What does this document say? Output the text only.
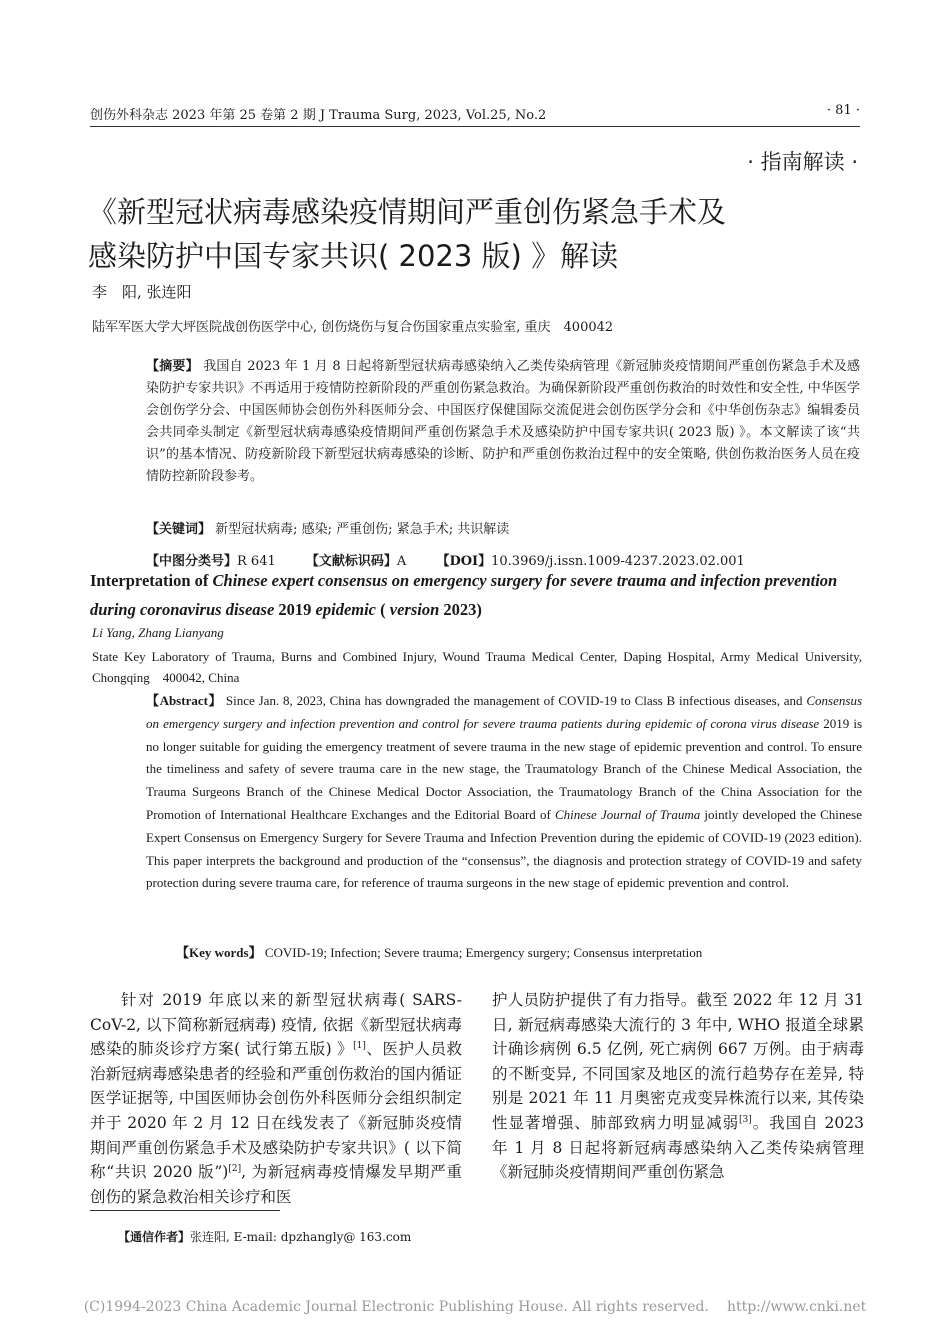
创伤外科杂志 2023 年第 25 卷第 2 期 J Trauma Surg, 2023, Vol.25, No.2	· 81 ·
· 指南解读 ·
《新型冠状病毒感染疫情期间严重创伤紧急手术及
感染防护中国专家共识( 2023 版) 》解读
李　阳, 张连阳
陆军军医大学大坪医院战创伤医学中心, 创伤烧伤与复合伤国家重点实验室, 重庆　400042
【摘要】 我国自 2023 年 1 月 8 日起将新型冠状病毒感染纳入乙类传染病管理《新冠肺炎疫情期间严重创伤紧急手术及感染防护专家共识》不再适用于疫情防控新阶段的严重创伤紧急救治。为确保新阶段严重创伤救治的时效性和安全性, 中华医学会创伤学分会、中国医师协会创伤外科医师分会、中国医疗保健国际交流促进会创伤医学分会和《中华创伤杂志》编辑委员会共同牵头制定《新型冠状病毒感染疫情期间严重创伤紧急手术及感染防护中国专家共识( 2023 版) 》。本文解读了该“共识”的基本情况、防疫新阶段下新型冠状病毒感染的诊断、防护和严重创伤救治过程中的安全策略, 供创伤救治医务人员在疫情防控新阶段参考。
【关键词】 新型冠状病毒; 感染; 严重创伤; 紧急手术; 共识解读
【中图分类号】R 641 【文献标识码】A 【DOI】10.3969/j.issn.1009-4237.2023.02.001
Interpretation of Chinese expert consensus on emergency surgery for severe trauma and infection prevention during coronavirus disease 2019 epidemic ( version 2023)
Li Yang, Zhang Lianyang
State Key Laboratory of Trauma, Burns and Combined Injury, Wound Trauma Medical Center, Daping Hospital, Army Medical University, Chongqing　400042, China
【Abstract】 Since Jan. 8, 2023, China has downgraded the management of COVID-19 to Class B infectious diseases, and Consensus on emergency surgery and infection prevention and control for severe trauma patients during epidemic of corona virus disease 2019 is no longer suitable for guiding the emergency treatment of severe trauma in the new stage of epidemic prevention and control. To ensure the timeliness and safety of severe trauma care in the new stage, the Traumatology Branch of the Chinese Medical Association, the Trauma Surgeons Branch of the Chinese Medical Doctor Association, the Traumatology Branch of the China Association for the Promotion of International Healthcare Exchanges and the Editorial Board of Chinese Journal of Trauma jointly developed the Chinese Expert Consensus on Emergency Surgery for Severe Trauma and Infection Prevention during the epidemic of COVID-19 (2023 edition). This paper interprets the background and production of the “consensus”, the diagnosis and protection strategy of COVID-19 and safety protection during severe trauma care, for reference of trauma surgeons in the new stage of epidemic prevention and control.
【Key words】 COVID-19; Infection; Severe trauma; Emergency surgery; Consensus interpretation
针对 2019 年底以来的新型冠状病毒( SARS-CoV-2, 以下简称新冠病毒) 疫情, 依据《新型冠状病毒感染的肺炎诊疗方案( 试行第五版) 》[1]、医护人员救治新冠病毒感染患者的经验和严重创伤救治的国内循证医学证据等, 中国医师协会创伤外科医师分会组织制定并于 2020 年 2 月 12 日在线发表了《新冠肺炎疫情期间严重创伤紧急手术及感染防护专家共识》( 以下简称“共识 2020 版”)[2], 为新冠病毒疫情爆发早期严重创伤的紧急救治相关诊疗和医
护人员防护提供了有力指导。截至 2022 年 12 月 31 日, 新冠病毒感染大流行的 3 年中, WHO 报道全球累计确诊病例 6.5 亿例, 死亡病例 667 万例。由于病毒的不断变异, 不同国家及地区的流行趋势存在差异, 特别是 2021 年 11 月奥密克戎变异株流行以来, 其传染性显著增强、肺部致病力明显减弱[3]。我国自 2023 年 1 月 8 日起将新冠病毒感染纳入乙类传染病管理《新冠肺炎疫情期间严重创伤紧急
【通信作者】张连阳, E-mail: dpzhangly@ 163.com
(C)1994-2023 China Academic Journal Electronic Publishing House. All rights reserved. http://www.cnki.net
